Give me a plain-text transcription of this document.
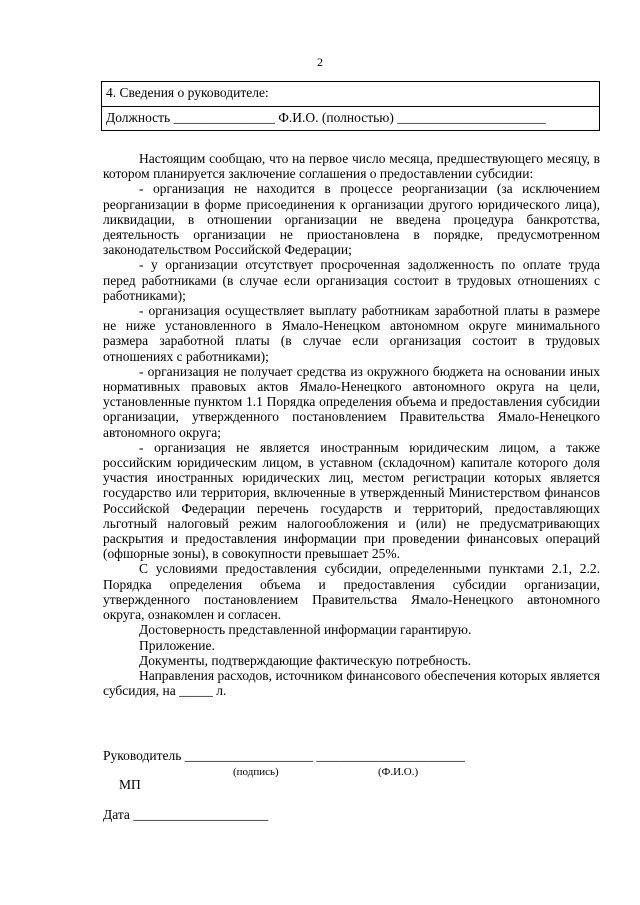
2
4. Сведения о руководителе:
Должность _______________ Ф.И.О. (полностью) ______________________

Настоящим сообщаю, что на первое число месяца, предшествующего месяцу, в котором планируется заключение соглашения о предоставлении субсидии:

- организация не находится в процессе реорганизации (за исключением реорганизации в форме присоединения к организации другого юридического лица), ликвидации, в отношении организации не введена процедура банкротства, деятельность организации не приостановлена в порядке, предусмотренном законодательством Российской Федерации;

- у организации отсутствует просроченная задолженность по оплате труда перед работниками (в случае если организация состоит в трудовых отношениях с работниками);

- организация осуществляет выплату работникам заработной платы в размере не ниже установленного в Ямало-Ненецком автономном округе минимального размера заработной платы (в случае если организация состоит в трудовых отношениях с работниками);

- организация не получает средства из окружного бюджета на основании иных нормативных правовых актов Ямало-Ненецкого автономного округа на цели, установленные пунктом 1.1 Порядка определения объема и предоставления субсидии организации, утвержденного постановлением Правительства Ямало-Ненецкого автономного округа;

- организация не является иностранным юридическим лицом, а также российским юридическим лицом, в уставном (складочном) капитале которого доля участия иностранных юридических лиц, местом регистрации которых является государство или территория, включенные в утвержденный Министерством финансов Российской Федерации перечень государств и территорий, предоставляющих льготный налоговый режим налогообложения и (или) не предусматривающих раскрытия и предоставления информации при проведении финансовых операций (офшорные зоны), в совокупности превышает 25%.

С условиями предоставления субсидии, определенными пунктами 2.1, 2.2. Порядка определения объема и предоставления субсидии организации, утвержденного постановлением Правительства Ямало-Ненецкого автономного округа, ознакомлен и согласен.

Достоверность представленной информации гарантирую.

Приложение.

Документы, подтверждающие фактическую потребность.

Направления расходов, источником финансового обеспечения которых является субсидия, на _____ л.

Руководитель ___________________ ______________________
(подпись)	(Ф.И.О.)
МП
Дата ____________________
